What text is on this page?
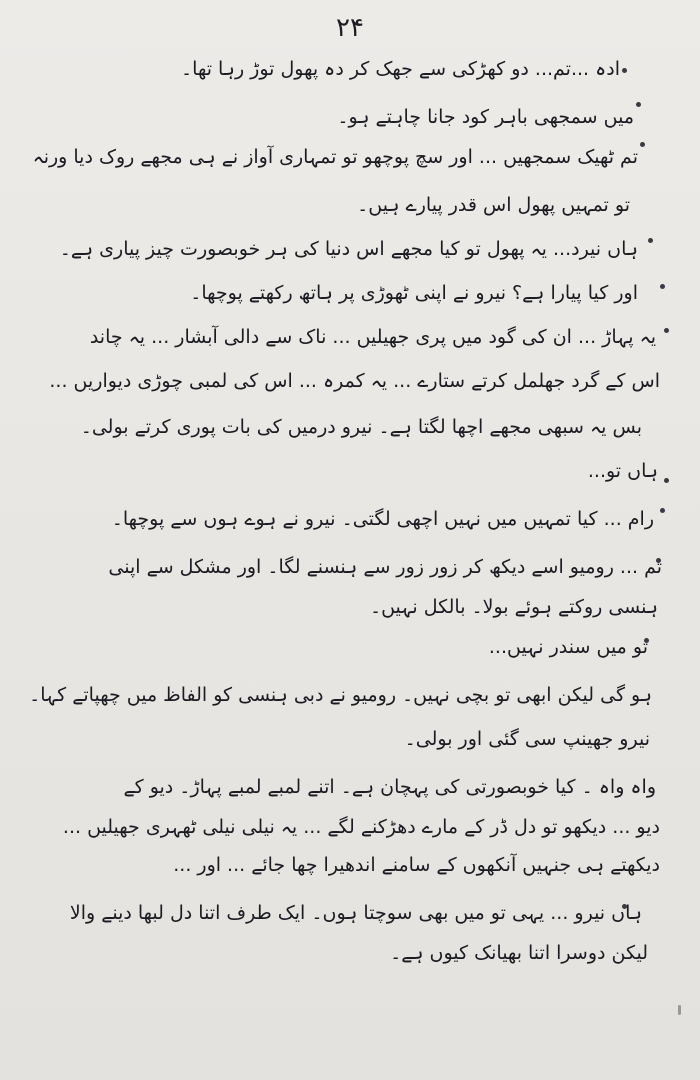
۲۴
ادہ ...تم... دو کھڑکی سے جھک کر دہ پھول توڑ رہا تھا۔
میں سمجھی باہر کود جانا چاہتے ہو۔
تم ٹھیک سمجھیں ... اور سچ پوچھو تو تمہاری آواز نے ہی مجھے روک دیا ورنہ
تو تمہیں پھول اس قدر پیارے ہیں۔
ہاں نیرد... یہ پھول تو کیا مجھے اس دنیا کی ہر خوبصورت چیز پیاری ہے۔
اور کیا پیارا ہے؟ نیرو نے اپنی ٹھوڑی پر ہاتھ رکھتے پوچھا۔
یہ پہاڑ ... ان کی گود میں پری جھیلیں ... ناک سے دالی آبشار ... یہ چاند
اس کے گرد جھلمل کرتے ستارے ... یہ کمرہ ... اس کی لمبی چوڑی دیواریں ...
بس یہ سبھی مجھے اچھا لگتا ہے۔ نیرو درمیں کی بات پوری کرتے بولی۔
ہاں تو...
رام ... کیا تمہیں میں نہیں اچھی لگتی۔ نیرو نے ہوے ہوں سے پوچھا۔
تم ... رومیو اسے دیکھ کر زور زور سے ہنسنے لگا۔ اور مشکل سے اپنی
ہنسی روکتے ہوئے بولا۔ بالکل نہیں۔
تو میں سندر نہیں...
ہو گی لیکن ابھی تو بچی نہیں۔ رومیو نے دبی ہنسی کو الفاظ میں چھپاتے کہا۔
نیرو جھینپ سی گئی اور بولی۔
واہ واہ ۔ کیا خوبصورتی کی پہچان ہے۔ اتنے لمبے لمبے پہاڑ۔ دیو کے
دیو ... دیکھو تو دل ڈر کے مارے دھڑکنے لگے ... یہ نیلی نیلی ٹھہری جھیلیں ...
دیکھتے ہی جنہیں آنکھوں کے سامنے اندھیرا چھا جائے ... اور ...
ہاں نیرو ... یہی تو میں بھی سوچتا ہوں۔ ایک طرف اتنا دل لبھا دینے والا
لیکن دوسرا اتنا بھیانک کیوں ہے۔
